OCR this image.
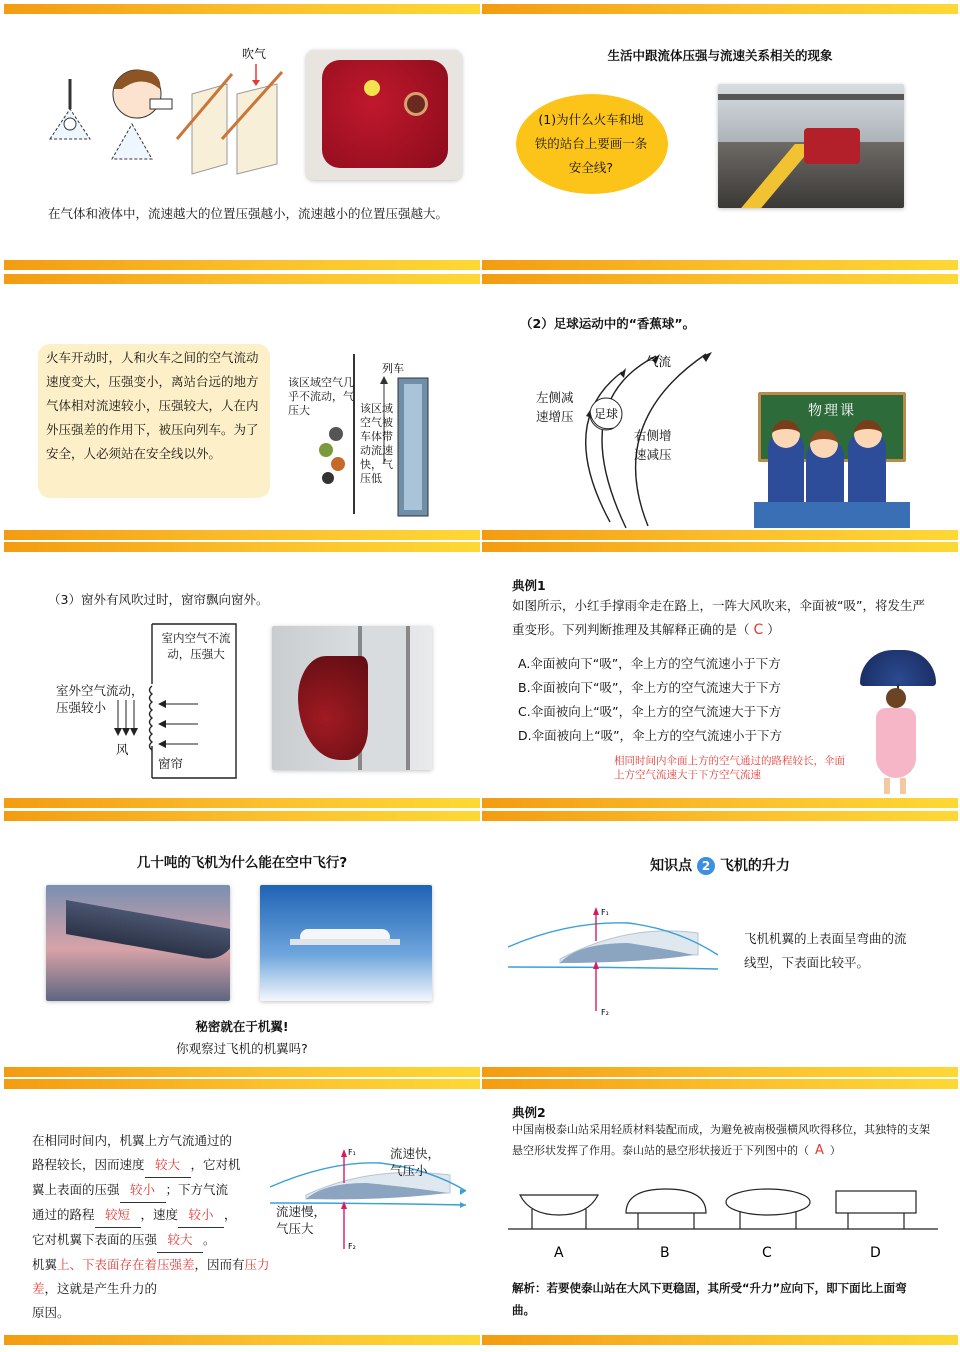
吹气
在气体和液体中，流速越大的位置压强越小，流速越小的位置压强越大。
生活中跟流体压强与流速关系相关的现象
(1)为什么火车和地铁的站台上要画一条安全线?
火车开动时，人和火车之间的空气流动速度变大，压强变小，离站台远的地方气体相对流速较小，压强较大，人在内外压强差的作用下，被压向列车。为了安全，人必须站在安全线以外。
列车
该区域空气几乎不流动，气压大	该区域空气被车体带动流速快，气压低
（2）足球运动中的“香蕉球”。
气流
足球
左侧减速增压
右侧增速减压
物理课
（3）窗外有风吹过时，窗帘飘向窗外。
室内空气不流动，压强大
室外空气流动，压强较小
风
窗帘
典例1
如图所示，小红手撑雨伞走在路上，一阵大风吹来，伞面被“吸”，将发生严重变形。下列判断推理及其解释正确的是（ C ）
A.伞面被向下“吸”，伞上方的空气流速小于下方
B.伞面被向下“吸”，伞上方的空气流速大于下方
C.伞面被向上“吸”，伞上方的空气流速大于下方
D.伞面被向上“吸”，伞上方的空气流速小于下方
相同时间内伞面上方的空气通过的路程较长，伞面上方空气流速大于下方空气流速
几十吨的飞机为什么能在空中飞行?
秘密就在于机翼!
你观察过飞机的机翼吗?
知识点 2 飞机的升力
F₁
F₂
飞机机翼的上表面呈弯曲的流线型，下表面比较平。
在相同时间内，机翼上方气流通过的
路程较长，因而速度 较大 ，它对机
翼上表面的压强 较小 ；下方气流
通过的路程 较短 ，速度 较小 ，
它对机翼下表面的压强 较大 。
机翼上、下表面存在着压强差，因而有压力差，这就是产生升力的
原因。
F₁
F₂
流速快，气压小
流速慢，气压大
典例2
中国南极泰山站采用轻质材料装配而成，为避免被南极强横风吹得移位，其独特的支架悬空形状发挥了作用。泰山站的悬空形状接近于下列图中的（ A ）
A	B	C	D
解析：若要使泰山站在大风下更稳固，其所受“升力”应向下，即下面比上面弯曲。
